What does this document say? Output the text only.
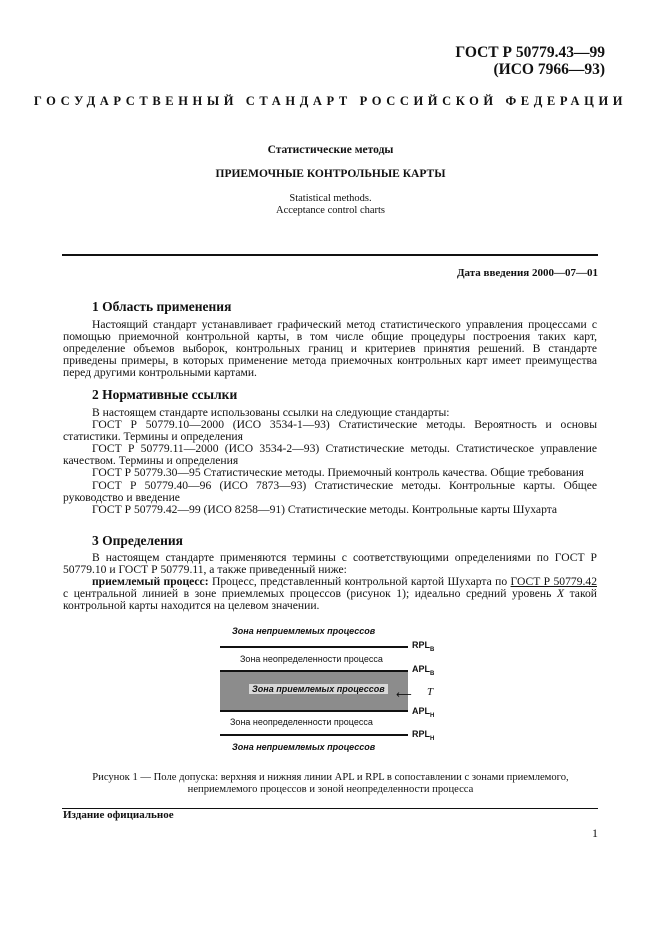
ГОСТ Р 50779.43—99
(ИСО 7966—93)
ГОСУДАРСТВЕННЫЙ СТАНДАРТ РОССИЙСКОЙ ФЕДЕРАЦИИ
Статистические методы
ПРИЕМОЧНЫЕ КОНТРОЛЬНЫЕ КАРТЫ
Statistical methods.
Acceptance control charts
Дата введения 2000—07—01
1 Область применения

Настоящий стандарт устанавливает графический метод статистического управления процессами с помощью приемочной контрольной карты, в том числе общие процедуры построения таких карт, определение объемов выборок, контрольных границ и критериев принятия решений. В стандарте приведены примеры, в которых применение метода приемочных контрольных карт имеет преимущества перед другими контрольными картами.

2 Нормативные ссылки

В настоящем стандарте использованы ссылки на следующие стандарты:

ГОСТ Р 50779.10—2000 (ИСО 3534-1—93) Статистические методы. Вероятность и основы статистики. Термины и определения

ГОСТ Р 50779.11—2000 (ИСО 3534-2—93) Статистические методы. Статистическое управление качеством. Термины и определения

ГОСТ Р 50779.30—95 Статистические методы. Приемочный контроль качества. Общие требования

ГОСТ Р 50779.40—96 (ИСО 7873—93) Статистические методы. Контрольные карты. Общее руководство и введение

ГОСТ Р 50779.42—99 (ИСО 8258—91) Статистические методы. Контрольные карты Шухарта

3 Определения

В настоящем стандарте применяются термины с соответствующими определениями по ГОСТ Р 50779.10 и ГОСТ Р 50779.11, а также приведенный ниже:

приемлемый процесс: Процесс, представленный контрольной картой Шухарта по ГОСТ Р 50779.42 с центральной линией в зоне приемлемых процессов (рисунок 1); идеально средний уровень $\overline{X}$ такой контрольной карты находится на целевом значении.

Зона неприемлемых процессов
$RPL_В$
Зона неопределенности процесса
$APL_В$
Зона приемлемых процессов ⟵ T
$APL_Н$
Зона неопределенности процесса
$RPL_Н$
Зона неприемлемых процессов
Рисунок 1 — Поле допуска: верхняя и нижняя линии APL и RPL в сопоставлении с зонами приемлемого, неприемлемого процессов и зоной неопределенности процесса
Издание официальное
1
